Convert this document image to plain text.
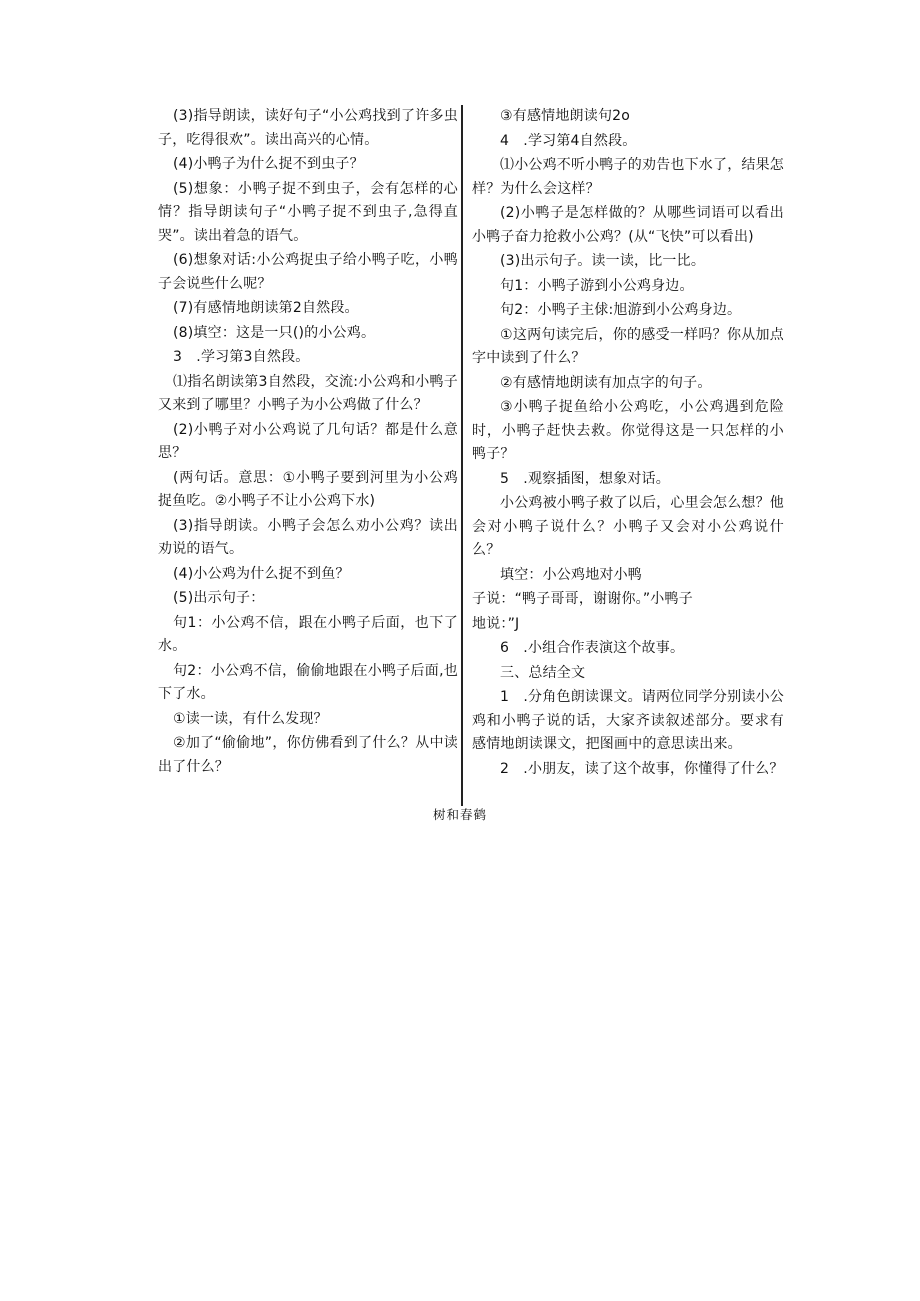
(3)指导朗读，读好句子“小公鸡找到了许多虫子，吃得很欢”。读出高兴的心情。

(4)小鸭子为什么捉不到虫子？

(5)想象：小鸭子捉不到虫子，会有怎样的心情？指导朗读句子“小鸭子捉不到虫子,急得直哭”。读出着急的语气。

(6)想象对话:小公鸡捉虫子给小鸭子吃，小鸭子会说些什么呢？

(7)有感情地朗读第2自然段。

(8)填空：这是一只()的小公鸡。

3　.学习第3自然段。

⑴指名朗读第3自然段，交流:小公鸡和小鸭子又来到了哪里？小鸭子为小公鸡做了什么？

(2)小鸭子对小公鸡说了几句话？都是什么意思？

(两句话。意思：①小鸭子要到河里为小公鸡捉鱼吃。②小鸭子不让小公鸡下水)

(3)指导朗读。小鸭子会怎么劝小公鸡？读出劝说的语气。

(4)小公鸡为什么捉不到鱼？

(5)出示句子：

句1：小公鸡不信，跟在小鸭子后面，也下了水。

句2：小公鸡不信，偷偷地跟在小鸭子后面,也下了水。

①读一读，有什么发现？

②加了“偷偷地”，你仿佛看到了什么？从中读出了什么？

③有感情地朗读句2o

4　.学习第4自然段。

⑴小公鸡不听小鸭子的劝告也下水了，结果怎样？为什么会这样？

(2)小鸭子是怎样做的？从哪些词语可以看出小鸭子奋力抢救小公鸡？(从“飞快”可以看出)

(3)出示句子。读一读，比一比。

句1：小鸭子游到小公鸡身边。

句2：小鸭子主俅:旭游到小公鸡身边。

①这两句读完后，你的感受一样吗？你从加点字中读到了什么？

②有感情地朗读有加点字的句子。

③小鸭子捉鱼给小公鸡吃，小公鸡遇到危险时，小鸭子赶快去救。你觉得这是一只怎样的小鸭子？

5　.观察插图，想象对话。

小公鸡被小鸭子救了以后，心里会怎么想？他会对小鸭子说什么？小鸭子又会对小公鸡说什么？

填空：小公鸡地对小鸭

子说：“鸭子哥哥，谢谢你。”小鸭子

地说：”J

6　.小组合作表演这个故事。

三、总结全文

1　.分角色朗读课文。请两位同学分别读小公鸡和小鸭子说的话，大家齐读叙述部分。要求有感情地朗读课文，把图画中的意思读出来。

2　.小朋友，读了这个故事，你懂得了什么？

树和春鹤
